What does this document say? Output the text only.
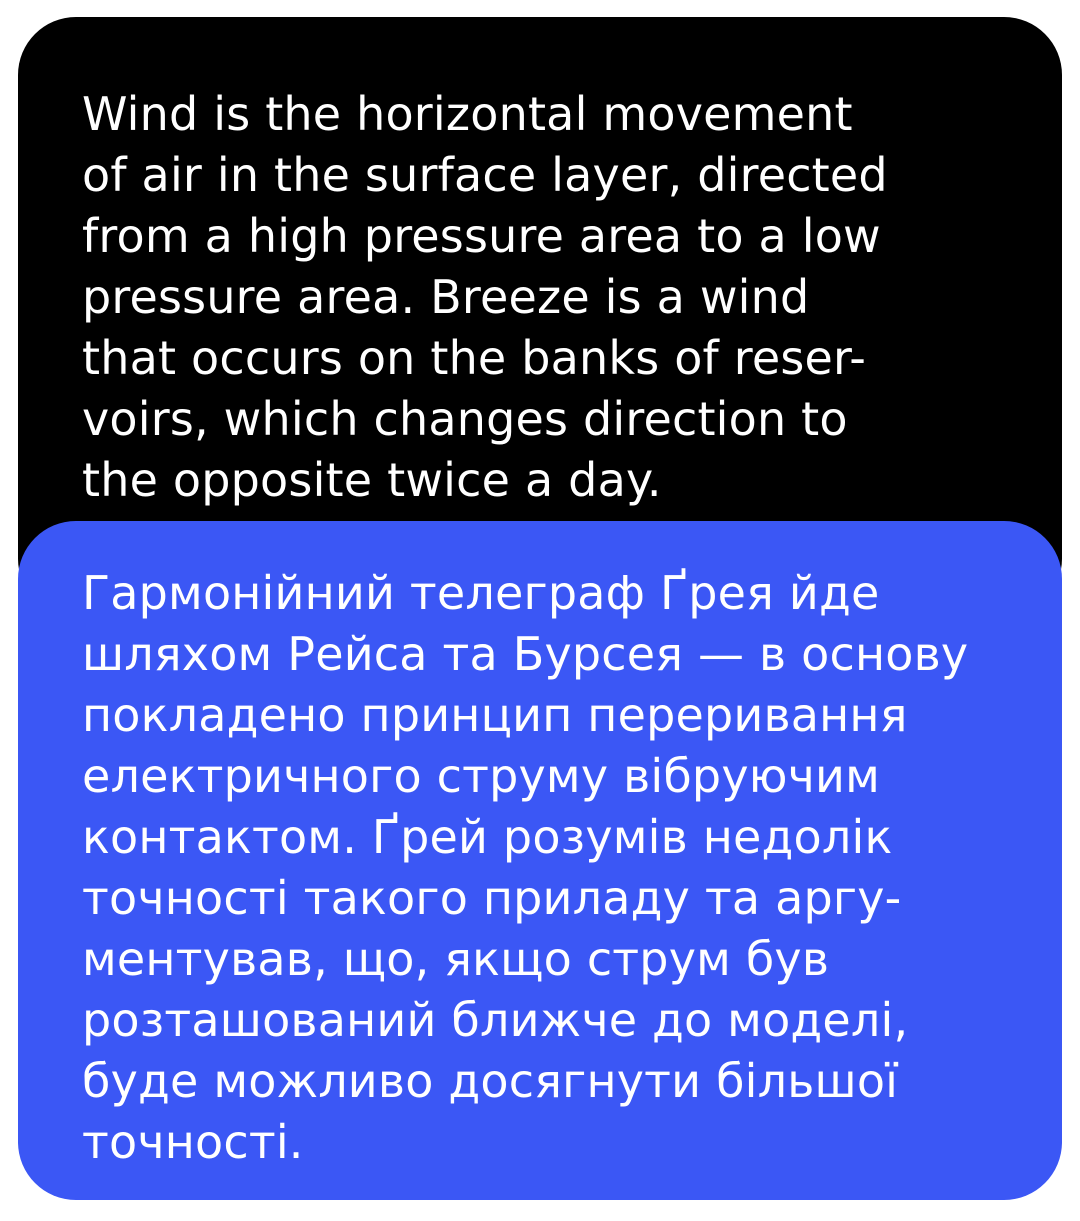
Wind is the horizontal movement
of air in the surface layer, directed
from a high pressure area to a low
pressure area. Breeze is a wind
that occurs on the banks of reser-
voirs, which changes direction to
the opposite twice a day.
Гармонійний телеграф Ґрея йде
шляхом Рейса та Бурсея — в основу
покладено принцип переривання
електричного струму вібруючим
контактом. Ґрей розумів недолік
точності такого приладу та аргу-
ментував, що, якщо струм був
розташований ближче до моделі,
буде можливо досягнути більшої
точності.
